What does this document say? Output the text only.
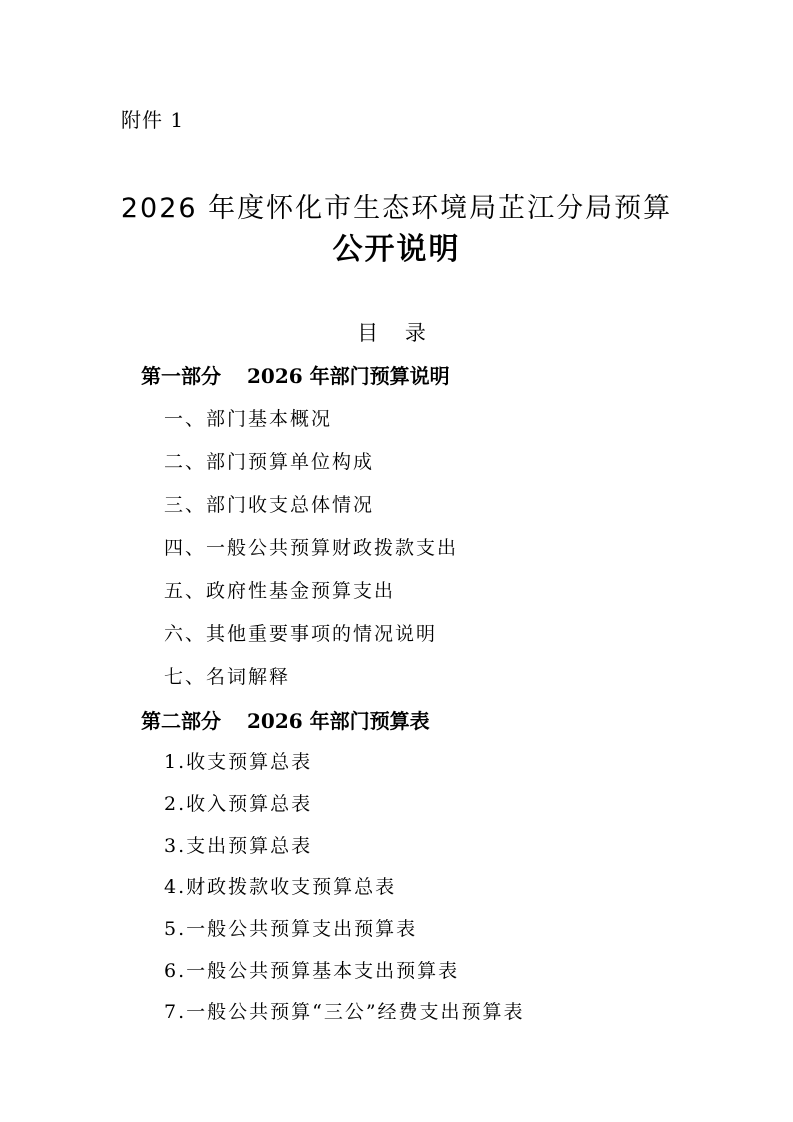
附件 1
2026 年度怀化市生态环境局芷江分局预算
公开说明
目 录
第一部分 2026 年部门预算说明
一、部门基本概况
二、部门预算单位构成
三、部门收支总体情况
四、一般公共预算财政拨款支出
五、政府性基金预算支出
六、其他重要事项的情况说明
七、名词解释
第二部分 2026 年部门预算表
1.收支预算总表
2.收入预算总表
3.支出预算总表
4.财政拨款收支预算总表
5.一般公共预算支出预算表
6.一般公共预算基本支出预算表
7.一般公共预算“三公”经费支出预算表
